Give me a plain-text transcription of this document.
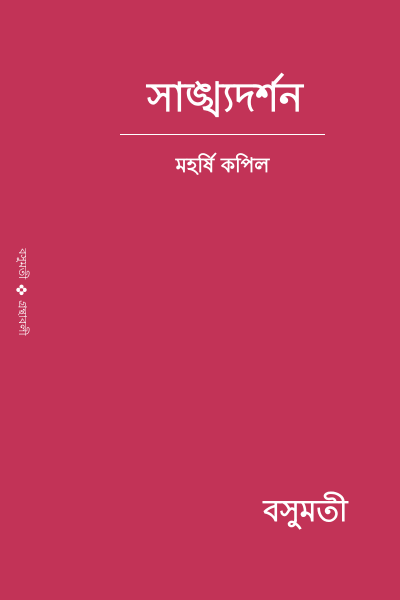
সাঙ্খ্যদর্শন
মহর্ষি কপিল
বসুমতী
গ্রন্থাবলী
বসুমতী
